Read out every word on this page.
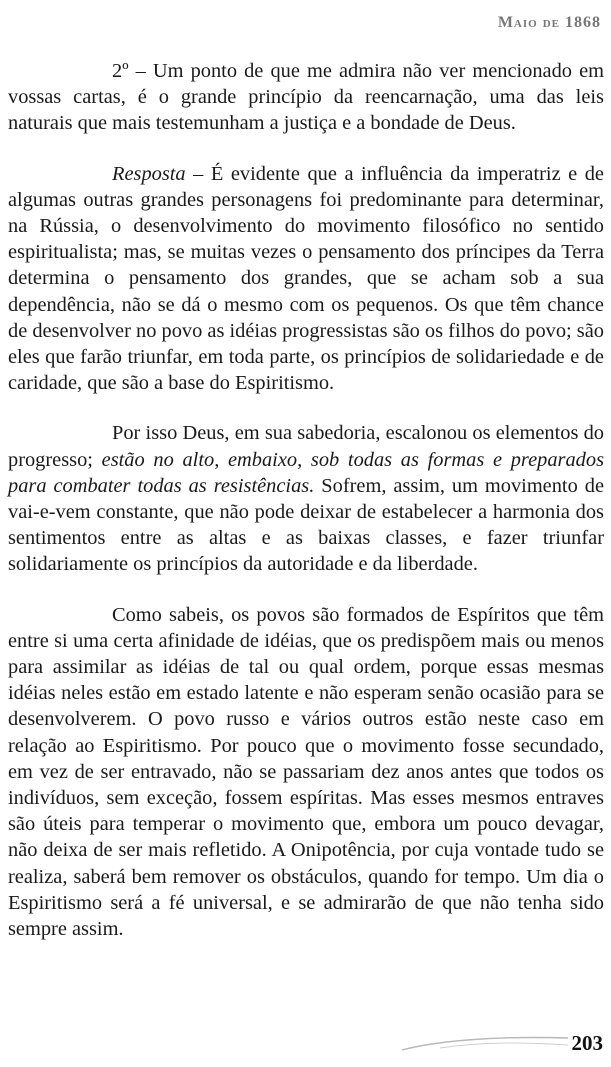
Maio de 1868

2º – Um ponto de que me admira não ver mencionado em vossas cartas, é o grande princípio da reencarnação, uma das leis naturais que mais testemunham a justiça e a bondade de Deus.

Resposta – É evidente que a influência da imperatriz e de algumas outras grandes personagens foi predominante para determinar, na Rússia, o desenvolvimento do movimento filosófico no sentido espiritualista; mas, se muitas vezes o pensamento dos príncipes da Terra determina o pensamento dos grandes, que se acham sob a sua dependência, não se dá o mesmo com os pequenos. Os que têm chance de desenvolver no povo as idéias progressistas são os filhos do povo; são eles que farão triunfar, em toda parte, os princípios de solidariedade e de caridade, que são a base do Espiritismo.

Por isso Deus, em sua sabedoria, escalonou os elementos do progresso; estão no alto, embaixo, sob todas as formas e preparados para combater todas as resistências. Sofrem, assim, um movimento de vai-e-vem constante, que não pode deixar de estabelecer a harmonia dos sentimentos entre as altas e as baixas classes, e fazer triunfar solidariamente os princípios da autoridade e da liberdade.

Como sabeis, os povos são formados de Espíritos que têm entre si uma certa afinidade de idéias, que os predispõem mais ou menos para assimilar as idéias de tal ou qual ordem, porque essas mesmas idéias neles estão em estado latente e não esperam senão ocasião para se desenvolverem. O povo russo e vários outros estão neste caso em relação ao Espiritismo. Por pouco que o movimento fosse secundado, em vez de ser entravado, não se passariam dez anos antes que todos os indivíduos, sem exceção, fossem espíritas. Mas esses mesmos entraves são úteis para temperar o movimento que, embora um pouco devagar, não deixa de ser mais refletido. A Onipotência, por cuja vontade tudo se realiza, saberá bem remover os obstáculos, quando for tempo. Um dia o Espiritismo será a fé universal, e se admirarão de que não tenha sido sempre assim.

203
